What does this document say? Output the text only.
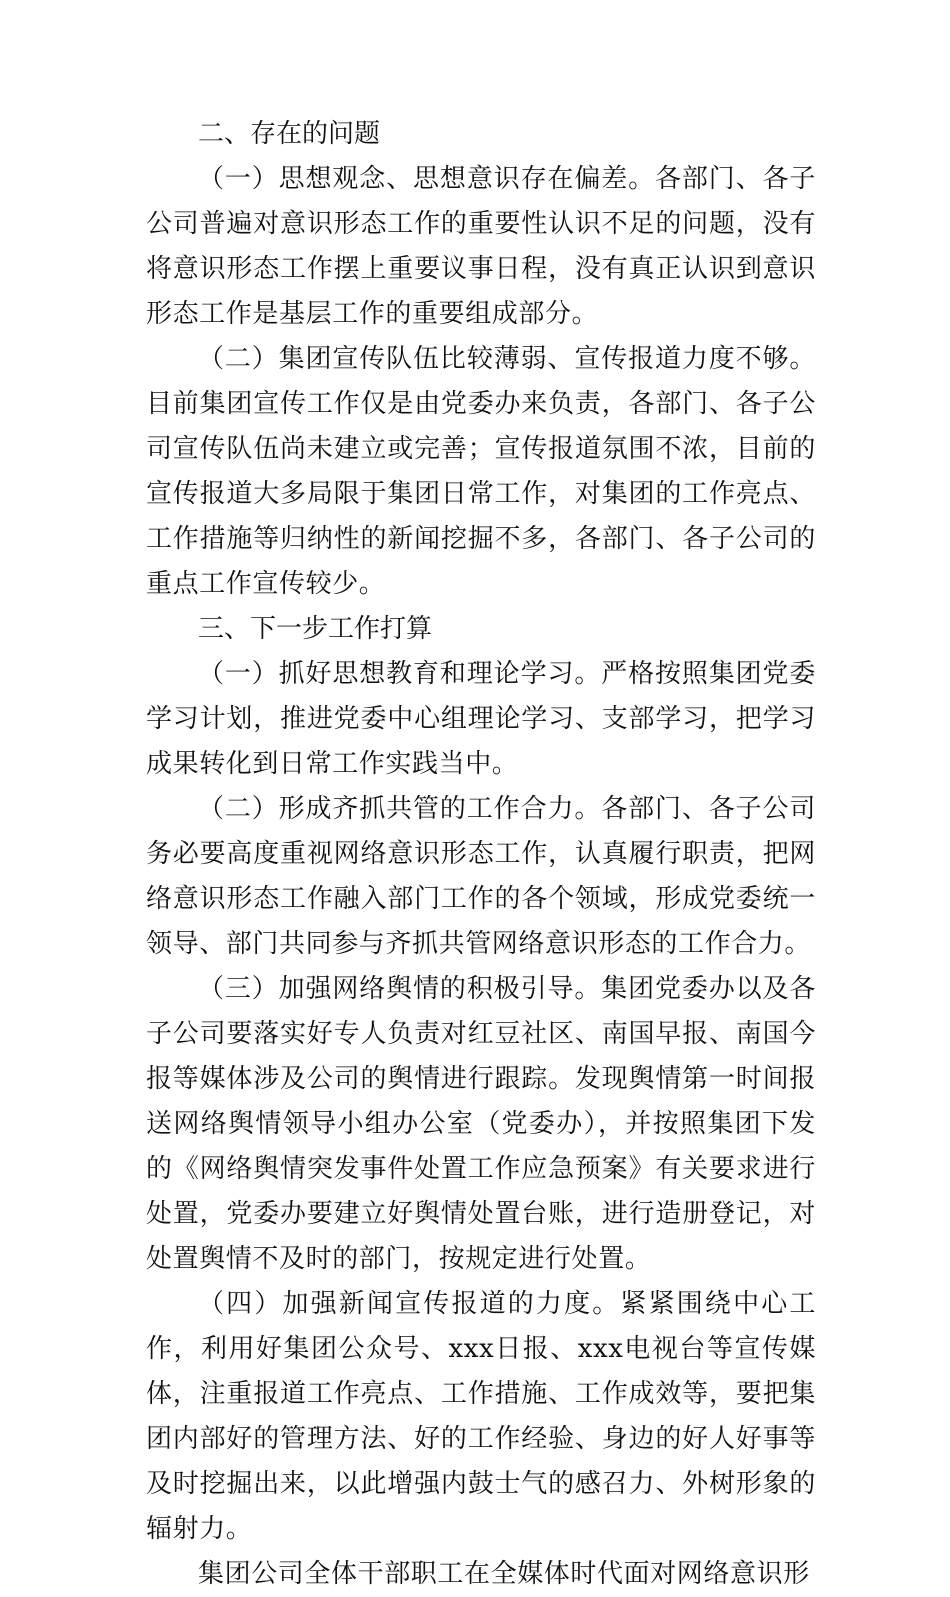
二、存在的问题

（一）思想观念、思想意识存在偏差。各部门、各子公司普遍对意识形态工作的重要性认识不足的问题，没有将意识形态工作摆上重要议事日程，没有真正认识到意识形态工作是基层工作的重要组成部分。

（二）集团宣传队伍比较薄弱、宣传报道力度不够。目前集团宣传工作仅是由党委办来负责，各部门、各子公司宣传队伍尚未建立或完善；宣传报道氛围不浓，目前的宣传报道大多局限于集团日常工作，对集团的工作亮点、工作措施等归纳性的新闻挖掘不多，各部门、各子公司的重点工作宣传较少。

三、下一步工作打算

（一）抓好思想教育和理论学习。严格按照集团党委学习计划，推进党委中心组理论学习、支部学习，把学习成果转化到日常工作实践当中。

（二）形成齐抓共管的工作合力。各部门、各子公司务必要高度重视网络意识形态工作，认真履行职责，把网络意识形态工作融入部门工作的各个领域，形成党委统一领导、部门共同参与齐抓共管网络意识形态的工作合力。

（三）加强网络舆情的积极引导。集团党委办以及各子公司要落实好专人负责对红豆社区、南国早报、南国今报等媒体涉及公司的舆情进行跟踪。发现舆情第一时间报送网络舆情领导小组办公室（党委办），并按照集团下发的《网络舆情突发事件处置工作应急预案》有关要求进行处置，党委办要建立好舆情处置台账，进行造册登记，对处置舆情不及时的部门，按规定进行处置。

（四）加强新闻宣传报道的力度。紧紧围绕中心工作，利用好集团公众号、xxx日报、xxx电视台等宣传媒体，注重报道工作亮点、工作措施、工作成效等，要把集团内部好的管理方法、好的工作经验、身边的好人好事等及时挖掘出来，以此增强内鼓士气的感召力、外树形象的辐射力。

集团公司全体干部职工在全媒体时代面对网络意识形
